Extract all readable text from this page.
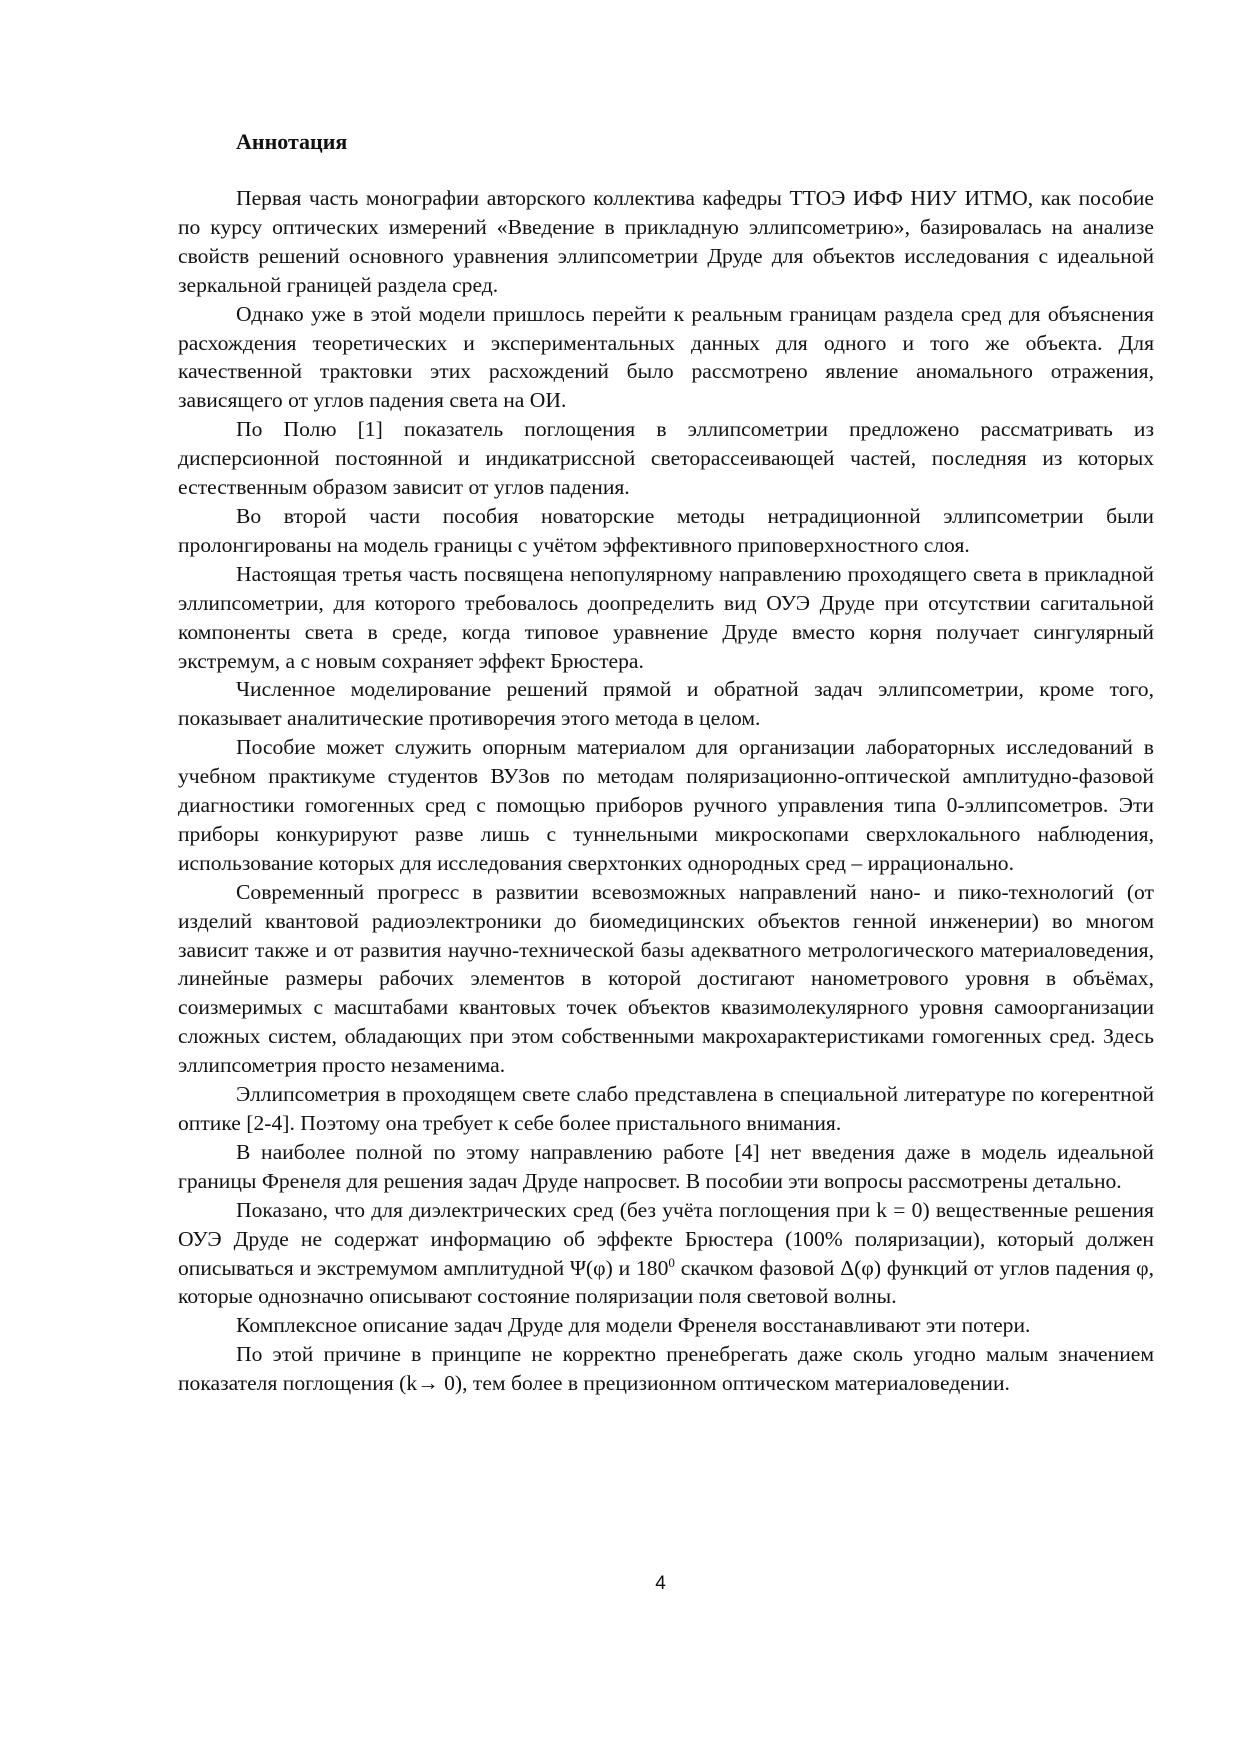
Аннотация

Первая часть монографии авторского коллектива кафедры ТТОЭ ИФФ НИУ ИТМО, как пособие по курсу оптических измерений «Введение в прикладную эллипсометрию», базировалась на анализе свойств решений основного уравнения эллипсометрии Друде для объектов исследования с идеальной зеркальной границей раздела сред.

Однако уже в этой модели пришлось перейти к реальным границам раздела сред для объяснения расхождения теоретических и экспериментальных данных для одного и того же объекта. Для качественной трактовки этих расхождений было рассмотрено явление аномального отражения, зависящего от углов падения света на ОИ.

По Полю [1] показатель поглощения в эллипсометрии предложено рассматривать из дисперсионной постоянной и индикатриссной светорассеивающей частей, последняя из которых естественным образом зависит от углов падения.

Во второй части пособия новаторские методы нетрадиционной эллипсометрии были пролонгированы на модель границы с учётом эффективного приповерхностного слоя.

Настоящая третья часть посвящена непопулярному направлению проходящего света в прикладной эллипсометрии, для которого требовалось доопределить вид ОУЭ Друде при отсутствии сагитальной компоненты света в среде, когда типовое уравнение Друде вместо корня получает сингулярный экстремум, а с новым сохраняет эффект Брюстера.

Численное моделирование решений прямой и обратной задач эллипсометрии, кроме того, показывает аналитические противоречия этого метода в целом.

Пособие может служить опорным материалом для организации лабораторных исследований в учебном практикуме студентов ВУЗов по методам поляризационно-оптической амплитудно-фазовой диагностики гомогенных сред с помощью приборов ручного управления типа 0-эллипсометров. Эти приборы конкурируют разве лишь с туннельными микроскопами сверхлокального наблюдения, использование которых для исследования сверхтонких однородных сред – иррационально.

Современный прогресс в развитии всевозможных направлений нано- и пико-технологий (от изделий квантовой радиоэлектроники до биомедицинских объектов генной инженерии) во многом зависит также и от развития научно-технической базы адекватного метрологического материаловедения, линейные размеры рабочих элементов в которой достигают нанометрового уровня в объёмах, соизмеримых с масштабами квантовых точек объектов квазимолекулярного уровня самоорганизации сложных систем, обладающих при этом собственными макрохарактеристиками гомогенных сред. Здесь эллипсометрия просто незаменима.

Эллипсометрия в проходящем свете слабо представлена в специальной литературе по когерентной оптике [2-4]. Поэтому она требует к себе более пристального внимания.

В наиболее полной по этому направлению работе [4] нет введения даже в модель идеальной границы Френеля для решения задач Друде напросвет. В пособии эти вопросы рассмотрены детально.

Показано, что для диэлектрических сред (без учёта поглощения при k = 0) вещественные решения ОУЭ Друде не содержат информацию об эффекте Брюстера (100% поляризации), который должен описываться и экстремумом амплитудной Ψ(φ) и $180^0$ скачком фазовой Δ(φ) функций от углов падения φ, которые однозначно описывают состояние поляризации поля световой волны.

Комплексное описание задач Друде для модели Френеля восстанавливают эти потери.

По этой причине в принципе не корректно пренебрегать даже сколь угодно малым значением показателя поглощения (k→ 0), тем более в прецизионном оптическом материаловедении.

4
